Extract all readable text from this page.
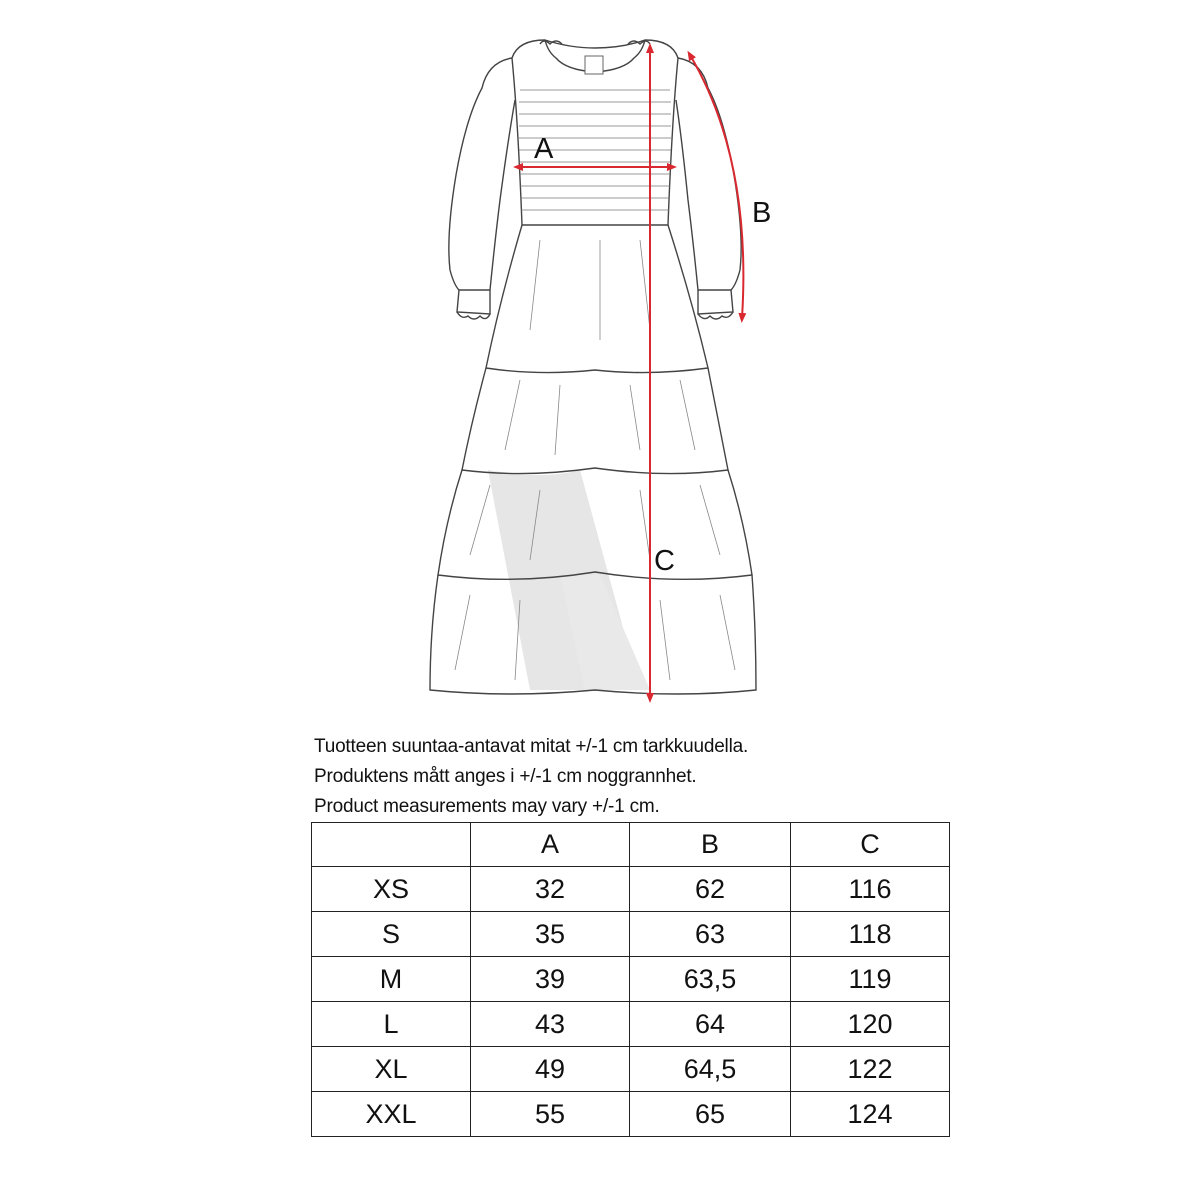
A
B
C
Tuotteen suuntaa-antavat mitat +/-1 cm tarkkuudella.
Produktens mått anges i +/-1 cm noggrannhet.
Product measurements may vary +/-1 cm.
	A	B	C
XS	32	62	116
S	35	63	118
M	39	63,5	119
L	43	64	120
XL	49	64,5	122
XXL	55	65	124
